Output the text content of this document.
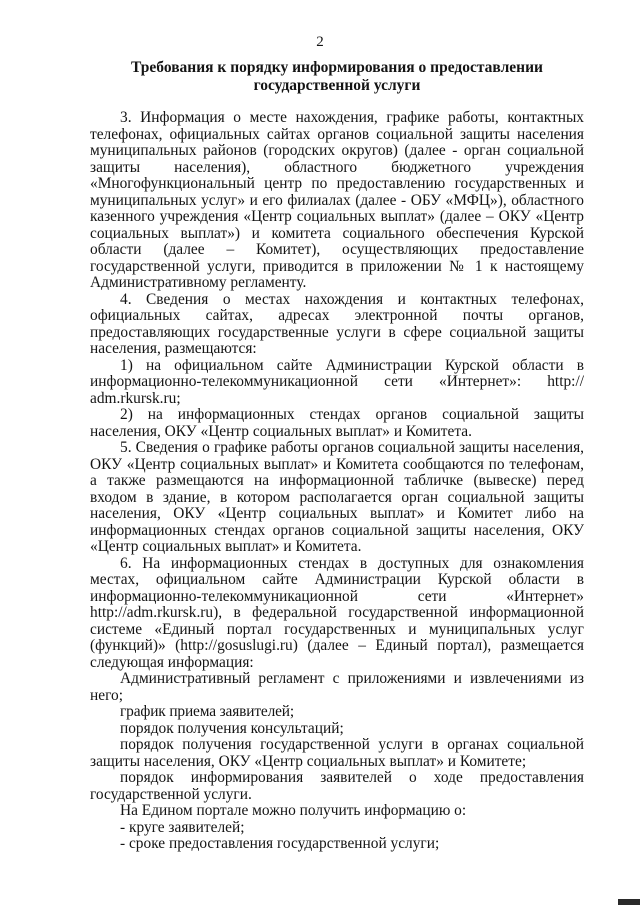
2
Требования к порядку информирования о предоставлении
государственной услуги

3. Информация о месте нахождения, графике работы, контактных телефонах, официальных сайтах органов социальной защиты населения муниципальных районов (городских округов) (далее - орган социальной защиты населения), областного бюджетного учреждения «Многофункциональный центр по предоставлению государственных и муниципальных услуг» и его филиалах (далее - ОБУ «МФЦ»), областного казенного учреждения «Центр социальных выплат» (далее – ОКУ «Центр социальных выплат») и комитета социального обеспечения Курской области (далее – Комитет), осуществляющих предоставление государственной услуги, приводится в приложении № 1 к настоящему Административному регламенту.

4. Сведения о местах нахождения и контактных телефонах, официальных сайтах, адресах электронной почты органов, предоставляющих государственные услуги в сфере социальной защиты населения, размещаются:

1) на официальном сайте Администрации Курской области в информационно-телекоммуникационной сети «Интернет»: http:// adm.rkursk.ru;

2) на информационных стендах органов социальной защиты населения, ОКУ «Центр социальных выплат» и Комитета.

5. Сведения о графике работы органов социальной защиты населения, ОКУ «Центр социальных выплат» и Комитета сообщаются по телефонам, а также размещаются на информационной табличке (вывеске) перед входом в здание, в котором располагается орган социальной защиты населения, ОКУ «Центр социальных выплат» и Комитет либо на информационных стендах органов социальной защиты населения, ОКУ «Центр социальных выплат» и Комитета.

6. На информационных стендах в доступных для ознакомления местах, официальном сайте Администрации Курской области в информационно-телекоммуникационной сети «Интернет» http://adm.rkursk.ru), в федеральной государственной информационной системе «Единый портал государственных и муниципальных услуг (функций)» (http://gosuslugi.ru) (далее – Единый портал), размещается следующая информация:

Административный регламент с приложениями и извлечениями из него;

график приема заявителей;

порядок получения консультаций;

порядок получения государственной услуги в органах социальной защиты населения, ОКУ «Центр социальных выплат» и Комитете;

порядок информирования заявителей о ходе предоставления государственной услуги.

На Едином портале можно получить информацию о:

- круге заявителей;

- сроке предоставления государственной услуги;
